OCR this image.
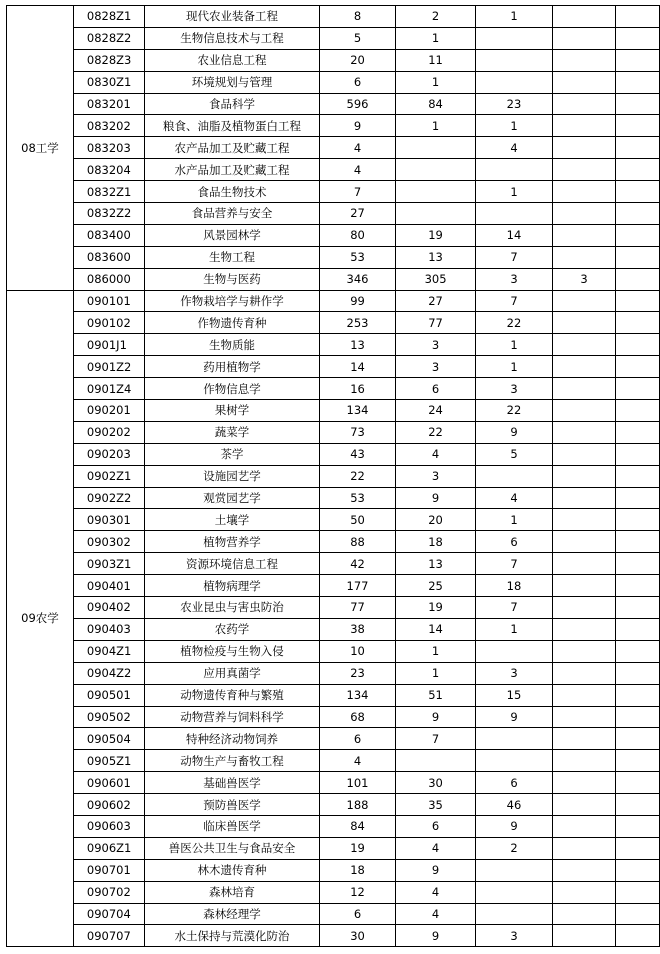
08工学	0828Z1	现代农业装备工程	8	2	1		
	0828Z2	生物信息技术与工程	5	1			
	0828Z3	农业信息工程	20	11			
	0830Z1	环境规划与管理	6	1			
	083201	食品科学	596	84	23		
	083202	粮食、油脂及植物蛋白工程	9	1	1		
	083203	农产品加工及贮藏工程	4		4		
	083204	水产品加工及贮藏工程	4				
	0832Z1	食品生物技术	7		1		
	0832Z2	食品营养与安全	27				
	083400	风景园林学	80	19	14		
	083600	生物工程	53	13	7		
	086000	生物与医药	346	305	3	3	
09农学	090101	作物栽培学与耕作学	99	27	7		
	090102	作物遗传育种	253	77	22		
	0901J1	生物质能	13	3	1		
	0901Z2	药用植物学	14	3	1		
	0901Z4	作物信息学	16	6	3		
	090201	果树学	134	24	22		
	090202	蔬菜学	73	22	9		
	090203	茶学	43	4	5		
	0902Z1	设施园艺学	22	3			
	0902Z2	观赏园艺学	53	9	4		
	090301	土壤学	50	20	1		
	090302	植物营养学	88	18	6		
	0903Z1	资源环境信息工程	42	13	7		
	090401	植物病理学	177	25	18		
	090402	农业昆虫与害虫防治	77	19	7		
	090403	农药学	38	14	1		
	0904Z1	植物检疫与生物入侵	10	1			
	0904Z2	应用真菌学	23	1	3		
	090501	动物遗传育种与繁殖	134	51	15		
	090502	动物营养与饲料科学	68	9	9		
	090504	特种经济动物饲养	6	7			
	0905Z1	动物生产与畜牧工程	4				
	090601	基础兽医学	101	30	6		
	090602	预防兽医学	188	35	46		
	090603	临床兽医学	84	6	9		
	0906Z1	兽医公共卫生与食品安全	19	4	2		
	090701	林木遗传育种	18	9			
	090702	森林培育	12	4			
	090704	森林经理学	6	4			
	090707	水土保持与荒漠化防治	30	9	3		
